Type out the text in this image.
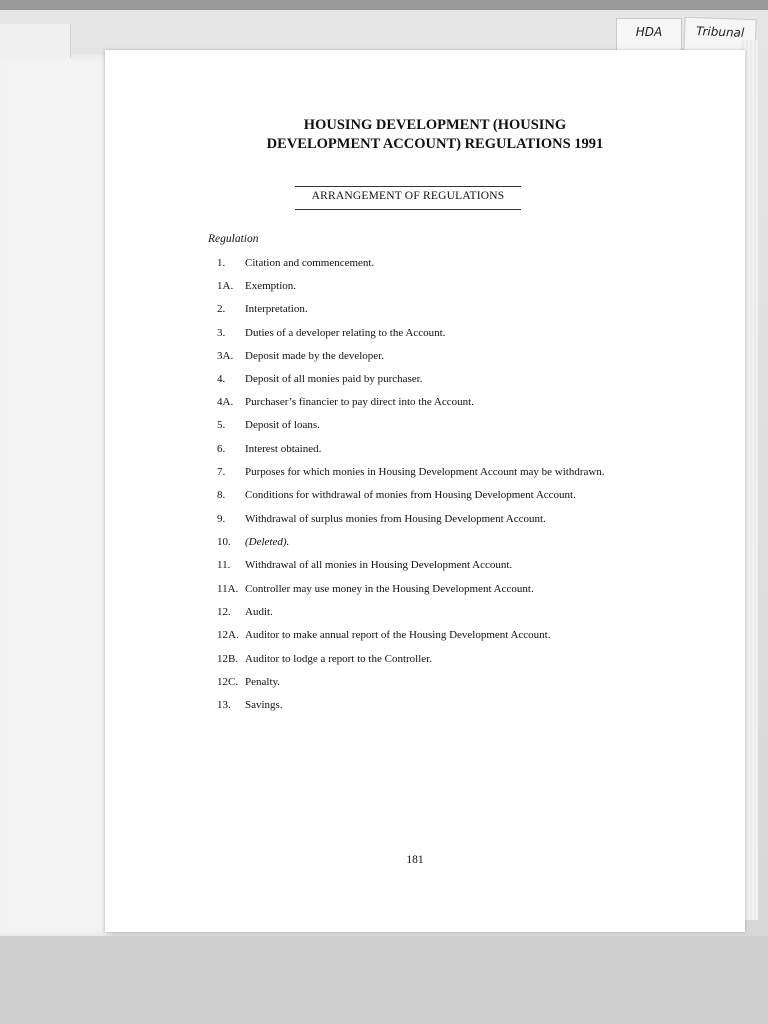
HDA	Tribunal
HOUSING DEVELOPMENT (HOUSING DEVELOPMENT ACCOUNT) REGULATIONS 1991
ARRANGEMENT OF REGULATIONS
Regulation
1.	Citation and commencement.
1A.	Exemption.
2.	Interpretation.
3.	Duties of a developer relating to the Account.
3A.	Deposit made by the developer.
4.	Deposit of all monies paid by purchaser.
4A.	Purchaser’s financier to pay direct into the Account.
5.	Deposit of loans.
6.	Interest obtained.
7.	Purposes for which monies in Housing Development Account may be withdrawn.
8.	Conditions for withdrawal of monies from Housing Development Account.
9.	Withdrawal of surplus monies from Housing Development Account.
10.	(Deleted).
11.	Withdrawal of all monies in Housing Development Account.
11A. Controller may use money in the Housing Development Account.
12.	Audit.
12A. Auditor to make annual report of the Housing Development Account.
12B. Auditor to lodge a report to the Controller.
12C. Penalty.
13.	Savings.
181
